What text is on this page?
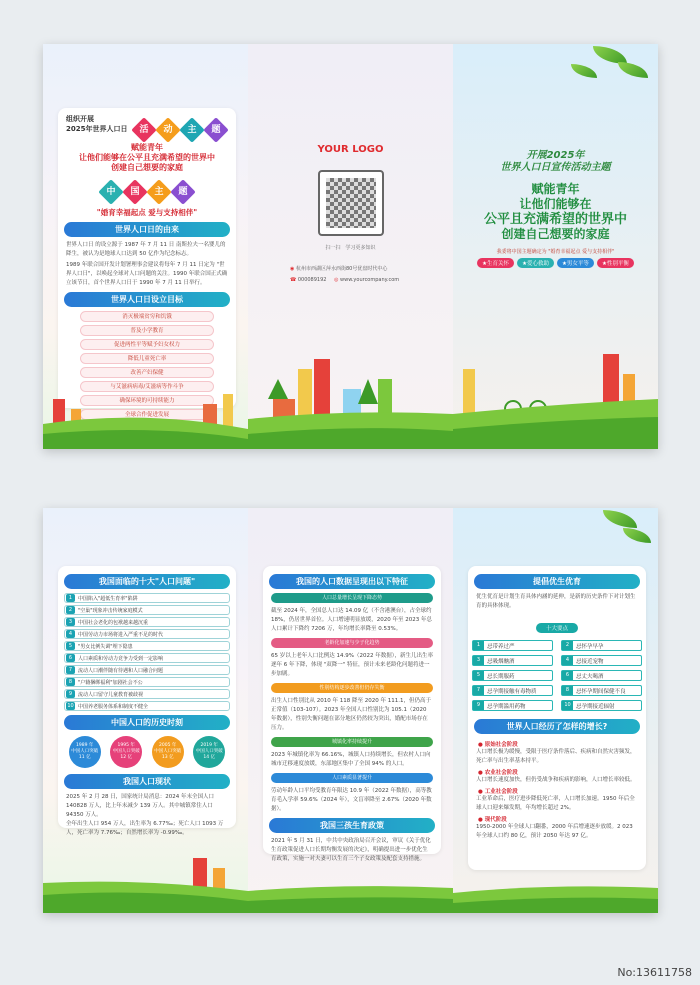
组织开展
2025年世界人口日	活	动	主	题
赋能青年
让他们能够在公平且充满希望的世界中
创建自己想要的家庭
中	国	主	题
"婚育幸福起点 爱与支持相伴"
世界人口日的由来
世界人口日 的设立源于 1987 年 7 月 11 日 南斯拉夫一名婴儿的降生，被认为是地球人口达到 50 亿作为纪念标志。
1989 年联合国开发计划署理事会建议将每年 7 月 11 日定为 "世界人口日"，以唤起全球对人口问题的关注。1990 年联合国正式确立该节日，首个世界人口日于 1990 年 7 月 11 日举行。
世界人口日设立目标
消灭极端贫穷和饥饿
普及小学教育
促进两性平等赋予妇女权力
降低儿童死亡率
改善产妇保健
与艾滋病病毒/艾滋病等作斗争
确保环境的可持续能力
全球合作促进发展
YOUR LOGO
扫一扫　学习更多知识
◉ 杭州市西湖区萍水西街80号优盘时代中心
☎ 000089192 ◎ www.yourcompany.com
开展2025年
世界人口日宣传活动主题
赋能青年
让他们能够在
公平且充满希望的世界中
创建自己想要的家庭
我委将中国主题确定为 "婚育幸福起点 爱与支持相伴"
★生育关怀	★爱心救助	★男女平等	★性别平衡
我国面临的十大"人口问题"
1	中国陷入"超低生育率"陷阱
2	"空巢"现象冲击传统家庭模式
3	中国社会老化的包袱越来越沉重
4	中国劳动力市场将进入严重不足的时代
5	"男女比例失调"埋下隐患
6	人口素质和劳动力竞争力受到一定影响
7	流动人口潮伴随有待遇和人口融合问题
8	"户籍捆绑福利"加剧社会不公
9	流动人口留守儿童教育被歧视
10 中国养老服务体系和制度不健全
中国人口的历史时刻
1989 年
中国人口突破 11 亿
1995 年
中国人口突破 12 亿
2005 年
中国人口突破 13 亿
2019 年
中国人口突破 14 亿
我国人口现状
2025 年 2 月 28 日，国家统计局消息：2024 年末全国人口 140828 万人，比上年末减少 139 万人。其中城镇常住人口 94350 万人。
全年出生人口 954 万人，出生率为 6.77‰；死亡人口 1093 万人，死亡率为 7.76‰；自然增长率为 -0.99‰。
我国的人口数据呈现出以下特征
人口总量增长呈现下降态势
截至 2024 年，全国总人口达 14.09 亿（不含港澳台），占全球约 18%，仍居世界首位。人口增速明显放缓，2020 年至 2023 年总人口累计下降约 7206 万，年均增长率降至 0.53%。
老龄化加速与少子化趋势
65 岁以上老年人口比例达 14.9%（2022 年数据），新生儿出生率逐年 6 年下降，体现 "双降一" 特征，预计未来老龄化问题将进一步加剧。
性别结构逐步改善但仍存失衡
出生人口性别比从 2010 年 118 降至 2020 年 111.1，但仍高于正常值（103-107）。2023 年全国人口性别比为 105.1（2020 年数据），性别失衡问题在部分地区仍然较为突出，婚配市场存在压力。
城镇化率持续提升
2023 年城镇化率为 66.16%，城镇人口持续增长，但农村人口向城市迁移速度放缓，东部地区集中了全国 94% 的人口。
人口素质显著提升
劳动年龄人口平均受教育年限达 10.9 年（2022 年数据），高等教育毛入学率 59.6%（2024 年），文盲率降至 2.67%（2020 年数据）。
我国三孩生育政策
2021 年 5 月 31 日，中共中央政治局召开会议，审议《关于优化生育政策促进人口长期均衡发展的决定》，明确提出进一步优化生育政策，实施一对夫妻可以生育三个子女政策及配套支持措施。
提倡优生优育
优生优育是计划生育具体内涵的延伸，是新的历史条件下对计划生育的具体体现。
十大要点
1	忌带养过严	2	忌怀孕早孕
3	忌吸烟酗酒	4	忌接近宠物
5	忌长期服药	6	忌丈夫喝酒
7	忌孕期接触有毒物质	8	忌怀孕期间保健不良
9	忌孕期滥用药物	10 忌孕期接近辐射
世界人口经历了怎样的增长?
● 原始社会阶段
人口增长极为缓慢，受限于医疗条件落后、疾病和自然灾害频发，死亡率与出生率基本持平。
● 农业社会阶段
人口增长速度加快，但仍受战争和疾病的影响，人口增长率较低。
● 工业社会阶段
工业革命后，医疗进步降低死亡率，人口增长加速。1950 年后全球人口迎来爆发期，年均增长超过 2%。
● 现代阶段
1950-2000 年全球人口翻番，2000 年后增速逐步放缓。2 023 年全球人口约 80 亿，预计 2050 年达 97 亿。
No:13611758
